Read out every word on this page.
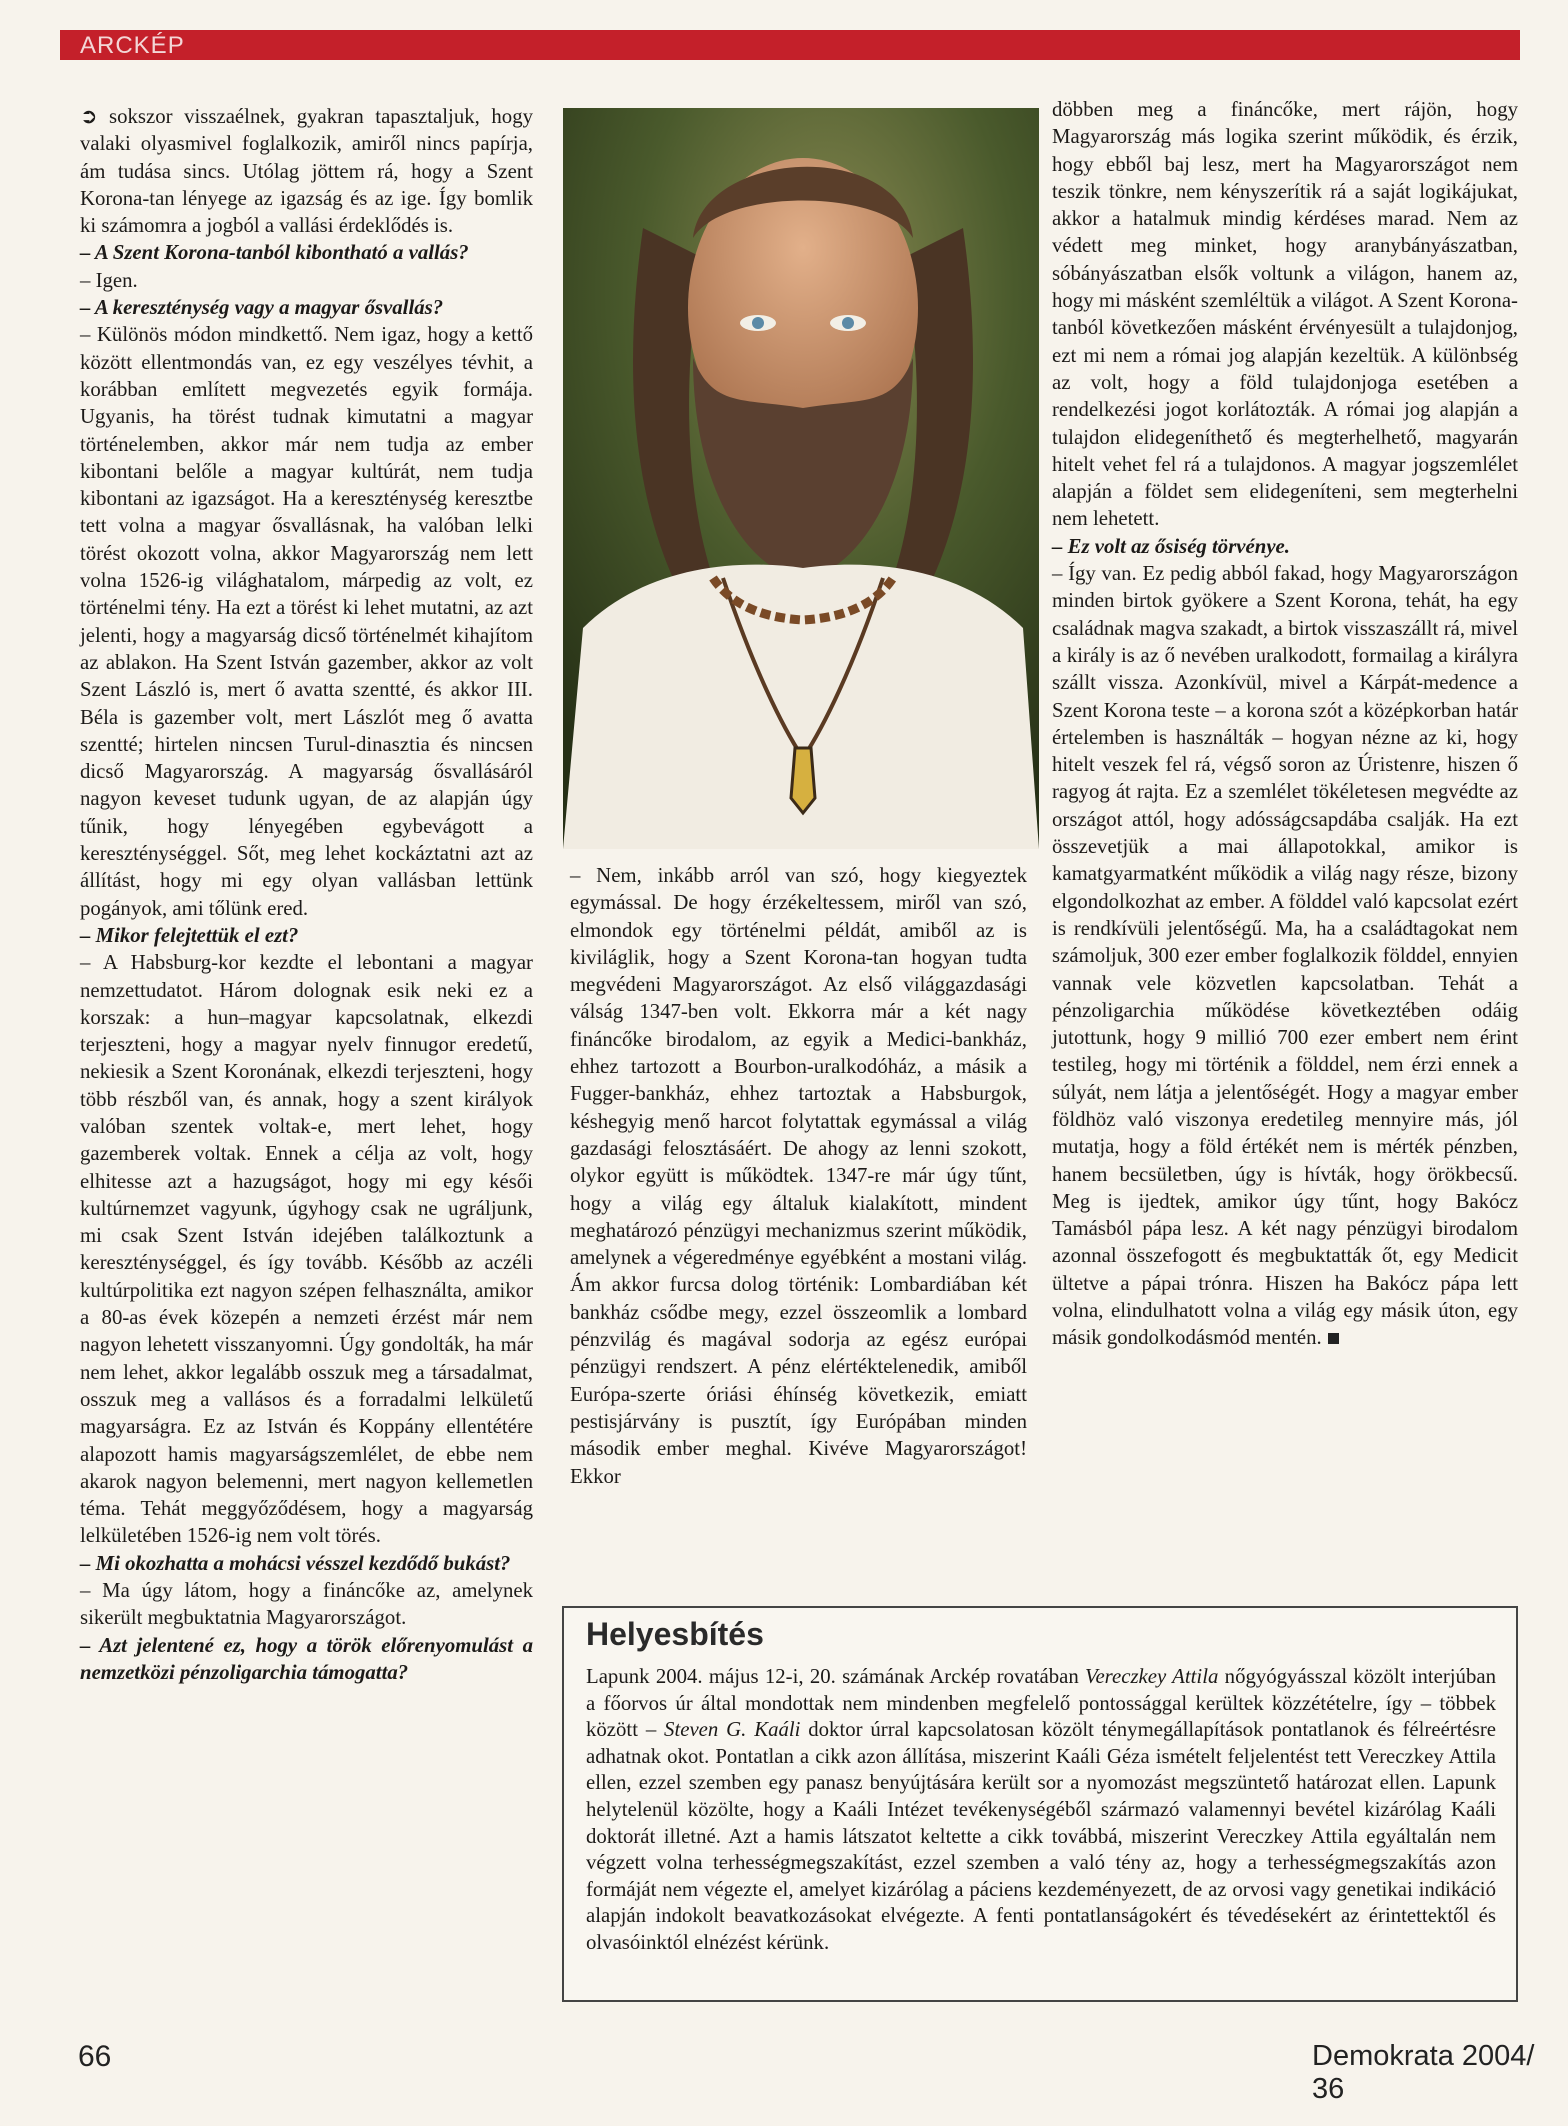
ARCKÉP

➲ sokszor visszaélnek, gyakran tapasztaljuk, hogy valaki olyasmivel foglalkozik, amiről nincs papírja, ám tudása sincs. Utólag jöttem rá, hogy a Szent Korona-tan lényege az igazság és az ige. Így bomlik ki számomra a jogból a vallási érdeklődés is.

– A Szent Korona-tanból kibontható a vallás?

– Igen.

– A kereszténység vagy a magyar ősvallás?

– Különös módon mindkettő. Nem igaz, hogy a kettő között ellentmondás van, ez egy veszélyes tévhit, a korábban említett megvezetés egyik formája. Ugyanis, ha törést tudnak kimutatni a magyar történelemben, akkor már nem tudja az ember kibontani belőle a magyar kultúrát, nem tudja kibontani az igazságot. Ha a kereszténység keresztbe tett volna a magyar ősvallásnak, ha valóban lelki törést okozott volna, akkor Magyarország nem lett volna 1526-ig világhatalom, márpedig az volt, ez történelmi tény. Ha ezt a törést ki lehet mutatni, az azt jelenti, hogy a magyarság dicső történelmét kihajítom az ablakon. Ha Szent István gazember, akkor az volt Szent László is, mert ő avatta szentté, és akkor III. Béla is gazember volt, mert Lászlót meg ő avatta szentté; hirtelen nincsen Turul-dinasztia és nincsen dicső Magyarország. A magyarság ősvallásáról nagyon keveset tudunk ugyan, de az alapján úgy tűnik, hogy lényegében egybevágott a kereszténységgel. Sőt, meg lehet kockáztatni azt az állítást, hogy mi egy olyan vallásban lettünk pogányok, ami tőlünk ered.

– Mikor felejtettük el ezt?

– A Habsburg-kor kezdte el lebontani a magyar nemzettudatot. Három dolognak esik neki ez a korszak: a hun–magyar kapcsolatnak, elkezdi terjeszteni, hogy a magyar nyelv finnugor eredetű, nekiesik a Szent Koronának, elkezdi terjeszteni, hogy több részből van, és annak, hogy a szent királyok valóban szentek voltak-e, mert lehet, hogy gazemberek voltak. Ennek a célja az volt, hogy elhitesse azt a hazugságot, hogy mi egy késői kultúrnemzet vagyunk, úgyhogy csak ne ugráljunk, mi csak Szent István idejében találkoztunk a kereszténységgel, és így tovább. Később az aczéli kultúrpolitika ezt nagyon szépen felhasználta, amikor a 80-as évek közepén a nemzeti érzést már nem nagyon lehetett visszanyomni. Úgy gondolták, ha már nem lehet, akkor legalább osszuk meg a társadalmat, osszuk meg a vallásos és a forradalmi lelkületű magyarságra. Ez az István és Koppány ellentétére alapozott hamis magyarságszemlélet, de ebbe nem akarok nagyon belemenni, mert nagyon kellemetlen téma. Tehát meggyőződésem, hogy a magyarság lelkületében 1526-ig nem volt törés.

– Mi okozhatta a mohácsi vésszel kezdődő bukást?

– Ma úgy látom, hogy a fináncőke az, amelynek sikerült megbuktatnia Magyarországot.

– Azt jelentené ez, hogy a török előrenyomulást a nemzetközi pénzoligarchia támogatta?

– Nem, inkább arról van szó, hogy kiegyeztek egymással. De hogy érzékeltessem, miről van szó, elmondok egy történelmi példát, amiből az is kiviláglik, hogy a Szent Korona-tan hogyan tudta megvédeni Magyarországot. Az első világgazdasági válság 1347-ben volt. Ekkorra már a két nagy fináncőke birodalom, az egyik a Medici-bankház, ehhez tartozott a Bourbon-uralkodóház, a másik a Fugger-bankház, ehhez tartoztak a Habsburgok, késhegyig menő harcot folytattak egymással a világ gazdasági felosztásáért. De ahogy az lenni szokott, olykor együtt is működtek. 1347-re már úgy tűnt, hogy a világ egy általuk kialakított, mindent meghatározó pénzügyi mechanizmus szerint működik, amelynek a végeredménye egyébként a mostani világ. Ám akkor furcsa dolog történik: Lombardiában két bankház csődbe megy, ezzel összeomlik a lombard pénzvilág és magával sodorja az egész európai pénzügyi rendszert. A pénz elértéktelenedik, amiből Európa-szerte óriási éhínség következik, emiatt pestisjárvány is pusztít, így Európában minden második ember meghal. Kivéve Magyarországot! Ekkor

döbben meg a fináncőke, mert rájön, hogy Magyarország más logika szerint működik, és érzik, hogy ebből baj lesz, mert ha Magyarországot nem teszik tönkre, nem kényszerítik rá a saját logikájukat, akkor a hatalmuk mindig kérdéses marad. Nem az védett meg minket, hogy aranybányászatban, sóbányászatban elsők voltunk a világon, hanem az, hogy mi másként szemléltük a világot. A Szent Korona-tanból következően másként érvényesült a tulajdonjog, ezt mi nem a római jog alapján kezeltük. A különbség az volt, hogy a föld tulajdonjoga esetében a rendelkezési jogot korlátozták. A római jog alapján a tulajdon elidegeníthető és megterhelhető, magyarán hitelt vehet fel rá a tulajdonos. A magyar jogszemlélet alapján a földet sem elidegeníteni, sem megterhelni nem lehetett.

– Ez volt az ősiség törvénye.

– Így van. Ez pedig abból fakad, hogy Magyarországon minden birtok gyökere a Szent Korona, tehát, ha egy családnak magva szakadt, a birtok visszaszállt rá, mivel a király is az ő nevében uralkodott, formailag a királyra szállt vissza. Azonkívül, mivel a Kárpát-medence a Szent Korona teste – a korona szót a középkorban határ értelemben is használták – hogyan nézne az ki, hogy hitelt veszek fel rá, végső soron az Úristenre, hiszen ő ragyog át rajta. Ez a szemlélet tökéletesen megvédte az országot attól, hogy adósságcsapdába csalják. Ha ezt összevetjük a mai állapotokkal, amikor is kamatgyarmatként működik a világ nagy része, bizony elgondolkozhat az ember. A földdel való kapcsolat ezért is rendkívüli jelentőségű. Ma, ha a családtagokat nem számoljuk, 300 ezer ember foglalkozik földdel, ennyien vannak vele közvetlen kapcsolatban. Tehát a pénzoligarchia működése következtében odáig jutottunk, hogy 9 millió 700 ezer embert nem érint testileg, hogy mi történik a földdel, nem érzi ennek a súlyát, nem látja a jelentőségét. Hogy a magyar ember földhöz való viszonya eredetileg mennyire más, jól mutatja, hogy a föld értékét nem is mérték pénzben, hanem becsületben, úgy is hívták, hogy örökbecsű. Meg is ijedtek, amikor úgy tűnt, hogy Bakócz Tamásból pápa lesz. A két nagy pénzügyi birodalom azonnal összefogott és megbuktatták őt, egy Medicit ültetve a pápai trónra. Hiszen ha Bakócz pápa lett volna, elindulhatott volna a világ egy másik úton, egy másik gondolkodásmód mentén.

Helyesbítés
Lapunk 2004. május 12-i, 20. számának Arckép rovatában Vereczkey Attila nőgyógyásszal közölt interjúban a főorvos úr által mondottak nem mindenben megfelelő pontossággal kerültek közzétételre, így – többek között – Steven G. Kaáli doktor úrral kapcsolatosan közölt ténymegállapítások pontatlanok és félreértésre adhatnak okot. Pontatlan a cikk azon állítása, miszerint Kaáli Géza ismételt feljelentést tett Vereczkey Attila ellen, ezzel szemben egy panasz benyújtására került sor a nyomozást megszüntető határozat ellen. Lapunk helytelenül közölte, hogy a Kaáli Intézet tevékenységéből származó valamennyi bevétel kizárólag Kaáli doktorát illetné. Azt a hamis látszatot keltette a cikk továbbá, miszerint Vereczkey Attila egyáltalán nem végzett volna terhességmegszakítást, ezzel szemben a való tény az, hogy a terhességmegszakítás azon formáját nem végezte el, amelyet kizárólag a páciens kezdeményezett, de az orvosi vagy genetikai indikáció alapján indokolt beavatkozásokat elvégezte. A fenti pontatlanságokért és tévedésekért az érintettektől és olvasóinktól elnézést kérünk.
66	Demokrata 2004/ 36
